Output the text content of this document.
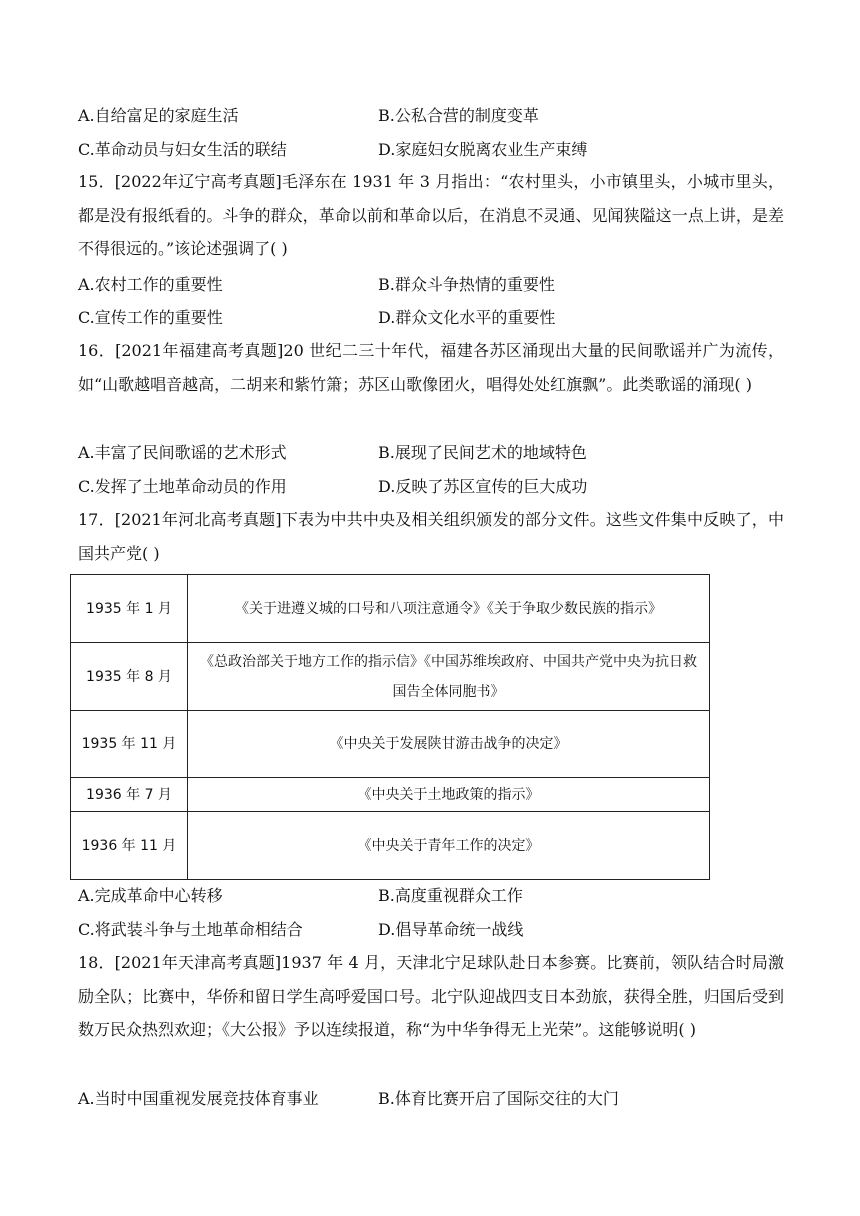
A.自给富足的家庭生活	B.公私合营的制度变革
C.革命动员与妇女生活的联结	D.家庭妇女脱离农业生产束缚
15．[2022年辽宁高考真题]毛泽东在 1931 年 3 月指出：“农村里头，小市镇里头，小城市里头，都是没有报纸看的。斗争的群众，革命以前和革命以后，在消息不灵通、见闻狭隘这一点上讲，是差不得很远的。”该论述强调了( )
A.农村工作的重要性	B.群众斗争热情的重要性
C.宣传工作的重要性	D.群众文化水平的重要性
16．[2021年福建高考真题]20 世纪二三十年代，福建各苏区涌现出大量的民间歌谣并广为流传，如“山歌越唱音越高，二胡来和紫竹箫；苏区山歌像团火，唱得处处红旗飘”。此类歌谣的涌现( )
A.丰富了民间歌谣的艺术形式	B.展现了民间艺术的地域特色
C.发挥了土地革命动员的作用	D.反映了苏区宣传的巨大成功
17．[2021年河北高考真题]下表为中共中央及相关组织颁发的部分文件。这些文件集中反映了，中国共产党( )
1935 年 1 月	《关于进遵义城的口号和八项注意通令》《关于争取少数民族的指示》
1935 年 8 月	《总政治部关于地方工作的指示信》《中国苏维埃政府、中国共产党中央为抗日救国告全体同胞书》
1935 年 11 月	《中央关于发展陕甘游击战争的决定》
1936 年 7 月	《中央关于土地政策的指示》
1936 年 11 月	《中央关于青年工作的决定》
A.完成革命中心转移	B.高度重视群众工作
C.将武装斗争与土地革命相结合	D.倡导革命统一战线
18．[2021年天津高考真题]1937 年 4 月，天津北宁足球队赴日本参赛。比赛前，领队结合时局激励全队；比赛中，华侨和留日学生高呼爱国口号。北宁队迎战四支日本劲旅，获得全胜，归国后受到数万民众热烈欢迎；《大公报》予以连续报道，称“为中华争得无上光荣”。这能够说明( )
A.当时中国重视发展竞技体育事业	B.体育比赛开启了国际交往的大门
